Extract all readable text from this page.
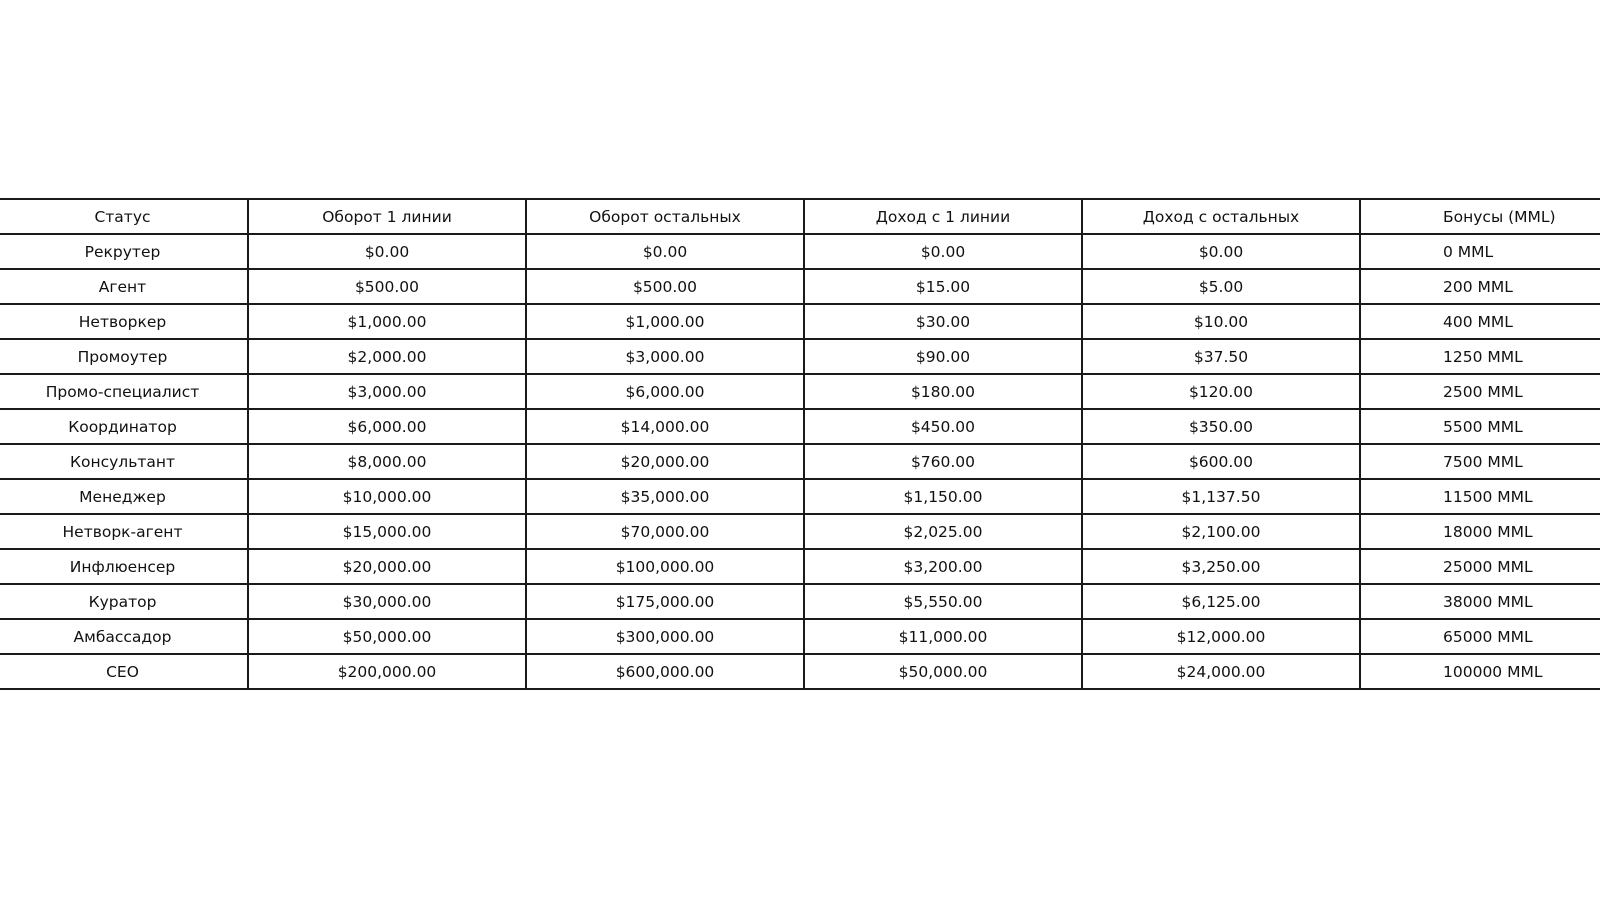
Статус	Оборот 1 линии	Оборот остальных	Доход с 1 линии	Доход с остальных	Бонусы (MML)
Рекрутер	$0.00	$0.00	$0.00	$0.00	0 MML
Агент	$500.00	$500.00	$15.00	$5.00	200 MML
Нетворкер	$1,000.00	$1,000.00	$30.00	$10.00	400 MML
Промоутер	$2,000.00	$3,000.00	$90.00	$37.50	1250 MML
Промо-специалист	$3,000.00	$6,000.00	$180.00	$120.00	2500 MML
Координатор	$6,000.00	$14,000.00	$450.00	$350.00	5500 MML
Консультант	$8,000.00	$20,000.00	$760.00	$600.00	7500 MML
Менеджер	$10,000.00	$35,000.00	$1,150.00	$1,137.50	11500 MML
Нетворк-агент	$15,000.00	$70,000.00	$2,025.00	$2,100.00	18000 MML
Инфлюенсер	$20,000.00	$100,000.00	$3,200.00	$3,250.00	25000 MML
Куратор	$30,000.00	$175,000.00	$5,550.00	$6,125.00	38000 MML
Амбассадор	$50,000.00	$300,000.00	$11,000.00	$12,000.00	65000 MML
CEO	$200,000.00	$600,000.00	$50,000.00	$24,000.00	100000 MML
